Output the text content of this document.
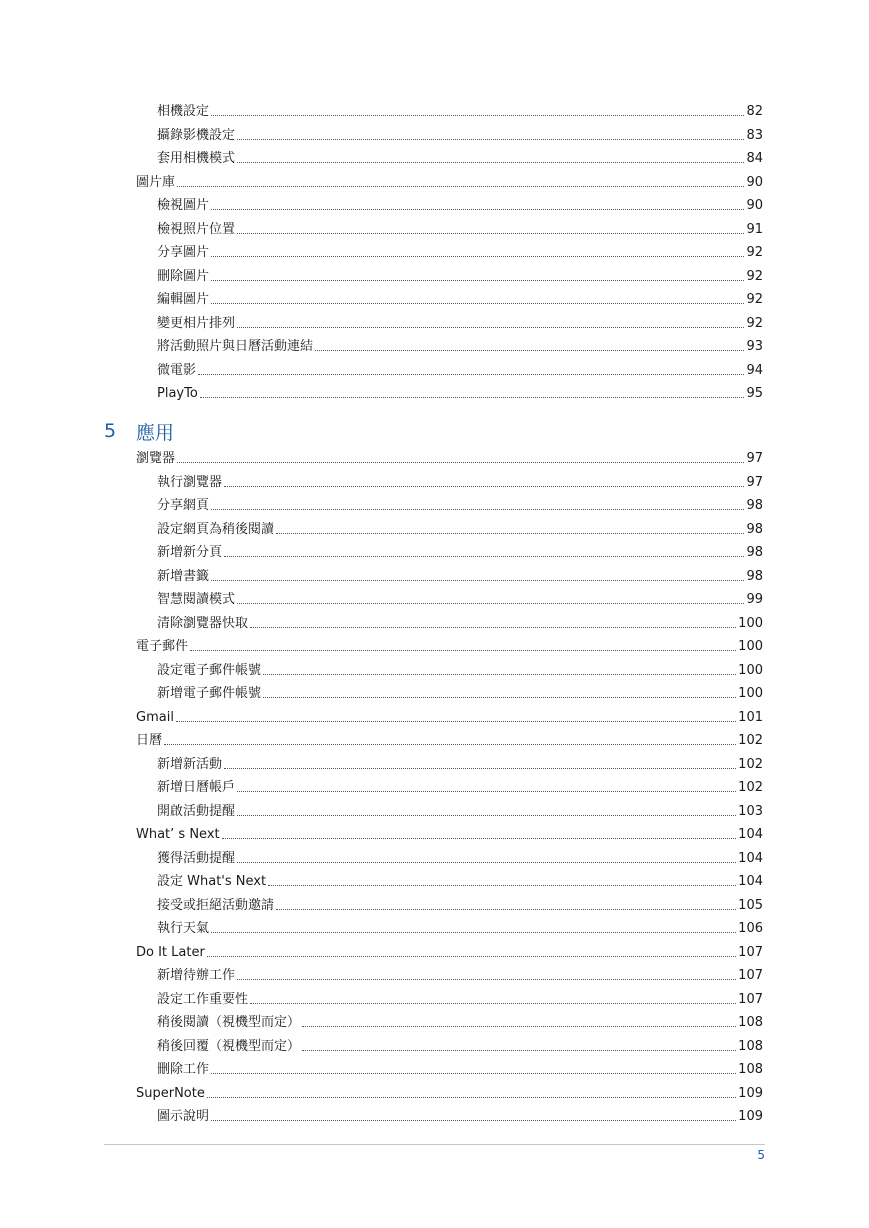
5	應用
相機設定	82
攝錄影機設定	83
套用相機模式	84
圖片庫	90
檢視圖片	90
檢視照片位置	91
分享圖片	92
刪除圖片	92
編輯圖片	92
變更相片排列	92
將活動照片與日曆活動連結	93
微電影	94
PlayTo	95
瀏覽器	97
執行瀏覽器	97
分享網頁	98
設定網頁為稍後閱讀	98
新增新分頁	98
新增書籤	98
智慧閱讀模式	99
清除瀏覽器快取	100
電子郵件	100
設定電子郵件帳號	100
新增電子郵件帳號	100
Gmail	101
日曆	102
新增新活動	102
新增日曆帳戶	102
開啟活動提醒	103
What’ s Next	104
獲得活動提醒	104
設定 What's Next	104
接受或拒絕活動邀請	105
執行天氣	106
Do It Later	107
新增待辦工作	107
設定工作重要性	107
稍後閱讀（視機型而定）	108
稍後回覆（視機型而定）	108
刪除工作	108
SuperNote	109
圖示說明	109
5
